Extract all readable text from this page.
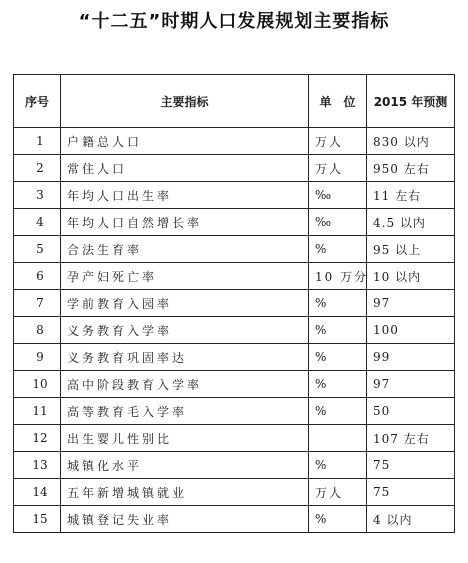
“十二五”时期人口发展规划主要指标
序号	主要指标	单　位	2015 年预测
1	户籍总人口	万人	830 以内
2	常住人口	万人	950 左右
3	年均人口出生率	‰	11 左右
4	年均人口自然增长率	‰	4.5 以内
5	合法生育率	%	95 以上
6	孕产妇死亡率	10 万分	10 以内
7	学前教育入园率	%	97
8	义务教育入学率	%	100
9	义务教育巩固率达	%	99
10	高中阶段教育入学率	%	97
11	高等教育毛入学率	%	50
12	出生婴儿性别比		107 左右
13	城镇化水平	%	75
14	五年新增城镇就业	万人	75
15	城镇登记失业率	%	4 以内
